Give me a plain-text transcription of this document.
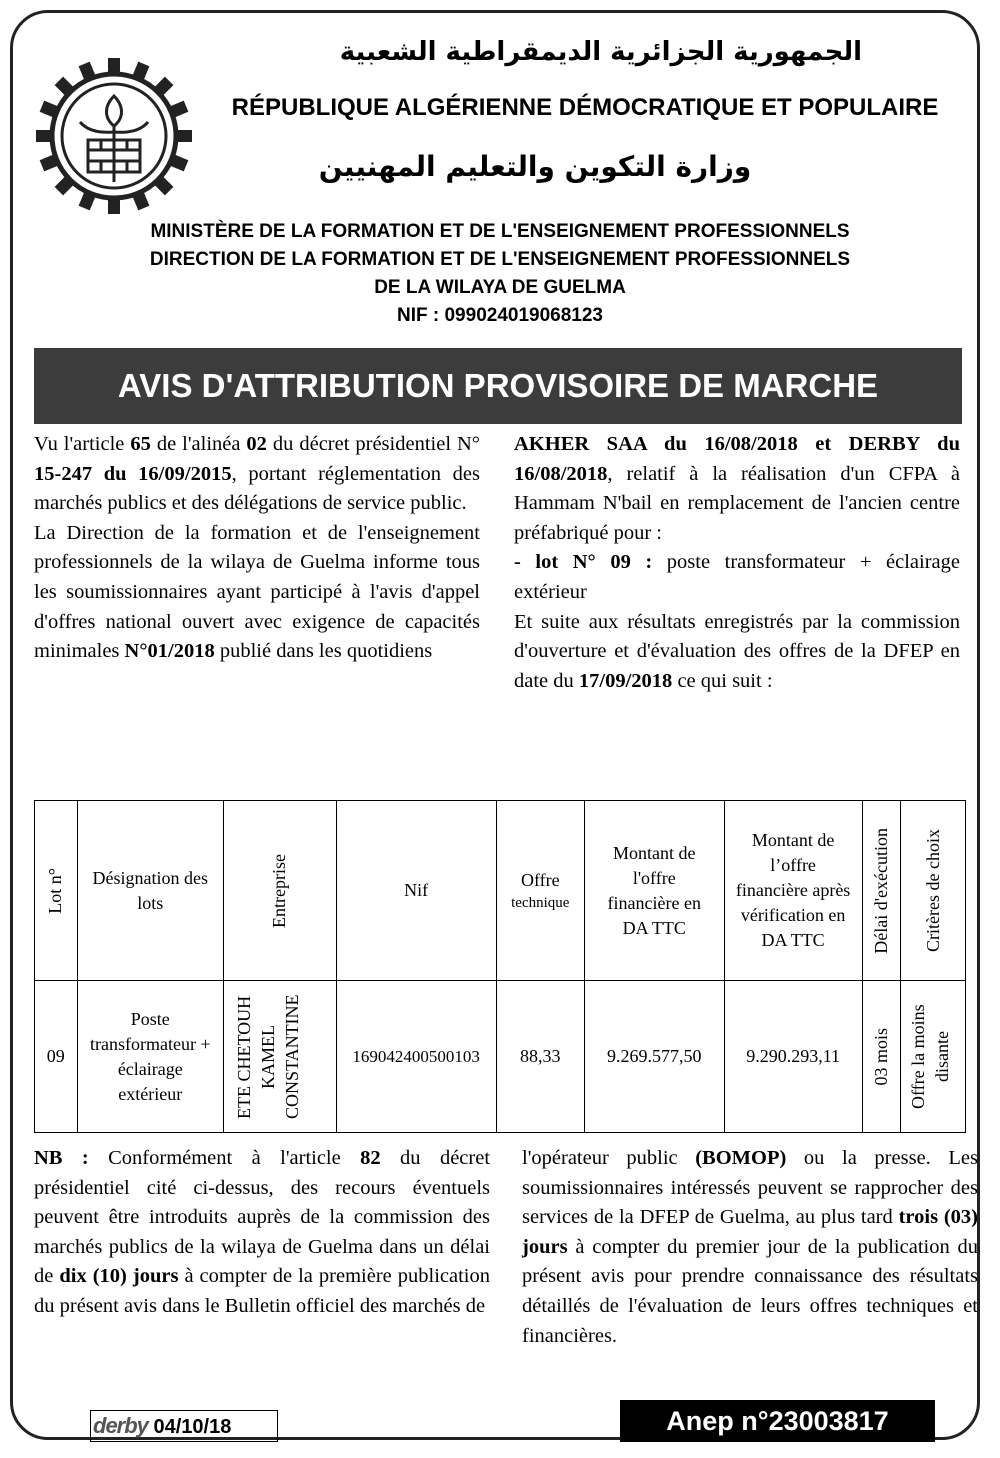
الجمهورية الجزائرية الديمقراطية الشعبية
RÉPUBLIQUE ALGÉRIENNE DÉMOCRATIQUE ET POPULAIRE
وزارة التكوين والتعليم المهنيين
MINISTÈRE DE LA FORMATION ET DE L'ENSEIGNEMENT PROFESSIONNELS
DIRECTION DE LA FORMATION ET DE L'ENSEIGNEMENT PROFESSIONNELS
DE LA WILAYA DE GUELMA
NIF : 099024019068123
AVIS D'ATTRIBUTION PROVISOIRE DE MARCHE

Vu l'article 65 de l'alinéa 02 du décret présidentiel N° 15-247 du 16/09/2015, portant réglementation des marchés publics et des délégations de service public.

La Direction de la formation et de l'enseignement professionnels de la wilaya de Guelma informe tous les soumissionnaires ayant participé à l'avis d'appel d'offres national ouvert avec exigence de capacités minimales N°01/2018 publié dans les quotidiens

AKHER SAA du 16/08/2018 et DERBY du 16/08/2018, relatif à la réalisation d'un CFPA à Hammam N'bail en remplacement de l'ancien centre préfabriqué pour :

- lot N° 09 : poste transformateur + éclairage extérieur

Et suite aux résultats enregistrés par la commission d'ouverture et d'évaluation des offres de la DFEP en date du 17/09/2018 ce qui suit :

Lot n°	Désignation des lots	Entreprise	Nif	Offre
technique	Montant de l'offre financière en DA TTC	Montant de l’offre financière après vérification en DA TTC	Délai d'exécution	Critères de choix

09	Poste transformateur + éclairage extérieur	ETE CHETOUH KAMEL CONSTANTINE	169042400500103	88,33	9.269.577,50	9.290.293,11	03 mois	Offre la moins disante

NB : Conformément à l'article 82 du décret présidentiel cité ci-dessus, des recours éventuels peuvent être introduits auprès de la commission des marchés publics de la wilaya de Guelma dans un délai de dix (10) jours à compter de la première publication du présent avis dans le Bulletin officiel des marchés de

l'opérateur public (BOMOP) ou la presse. Les soumissionnaires intéressés peuvent se rapprocher des services de la DFEP de Guelma, au plus tard trois (03) jours à compter du premier jour de la publication du présent avis pour prendre connaissance des résultats détaillés de l'évaluation de leurs offres techniques et financières.

derby 04/10/18	Anep n°23003817
